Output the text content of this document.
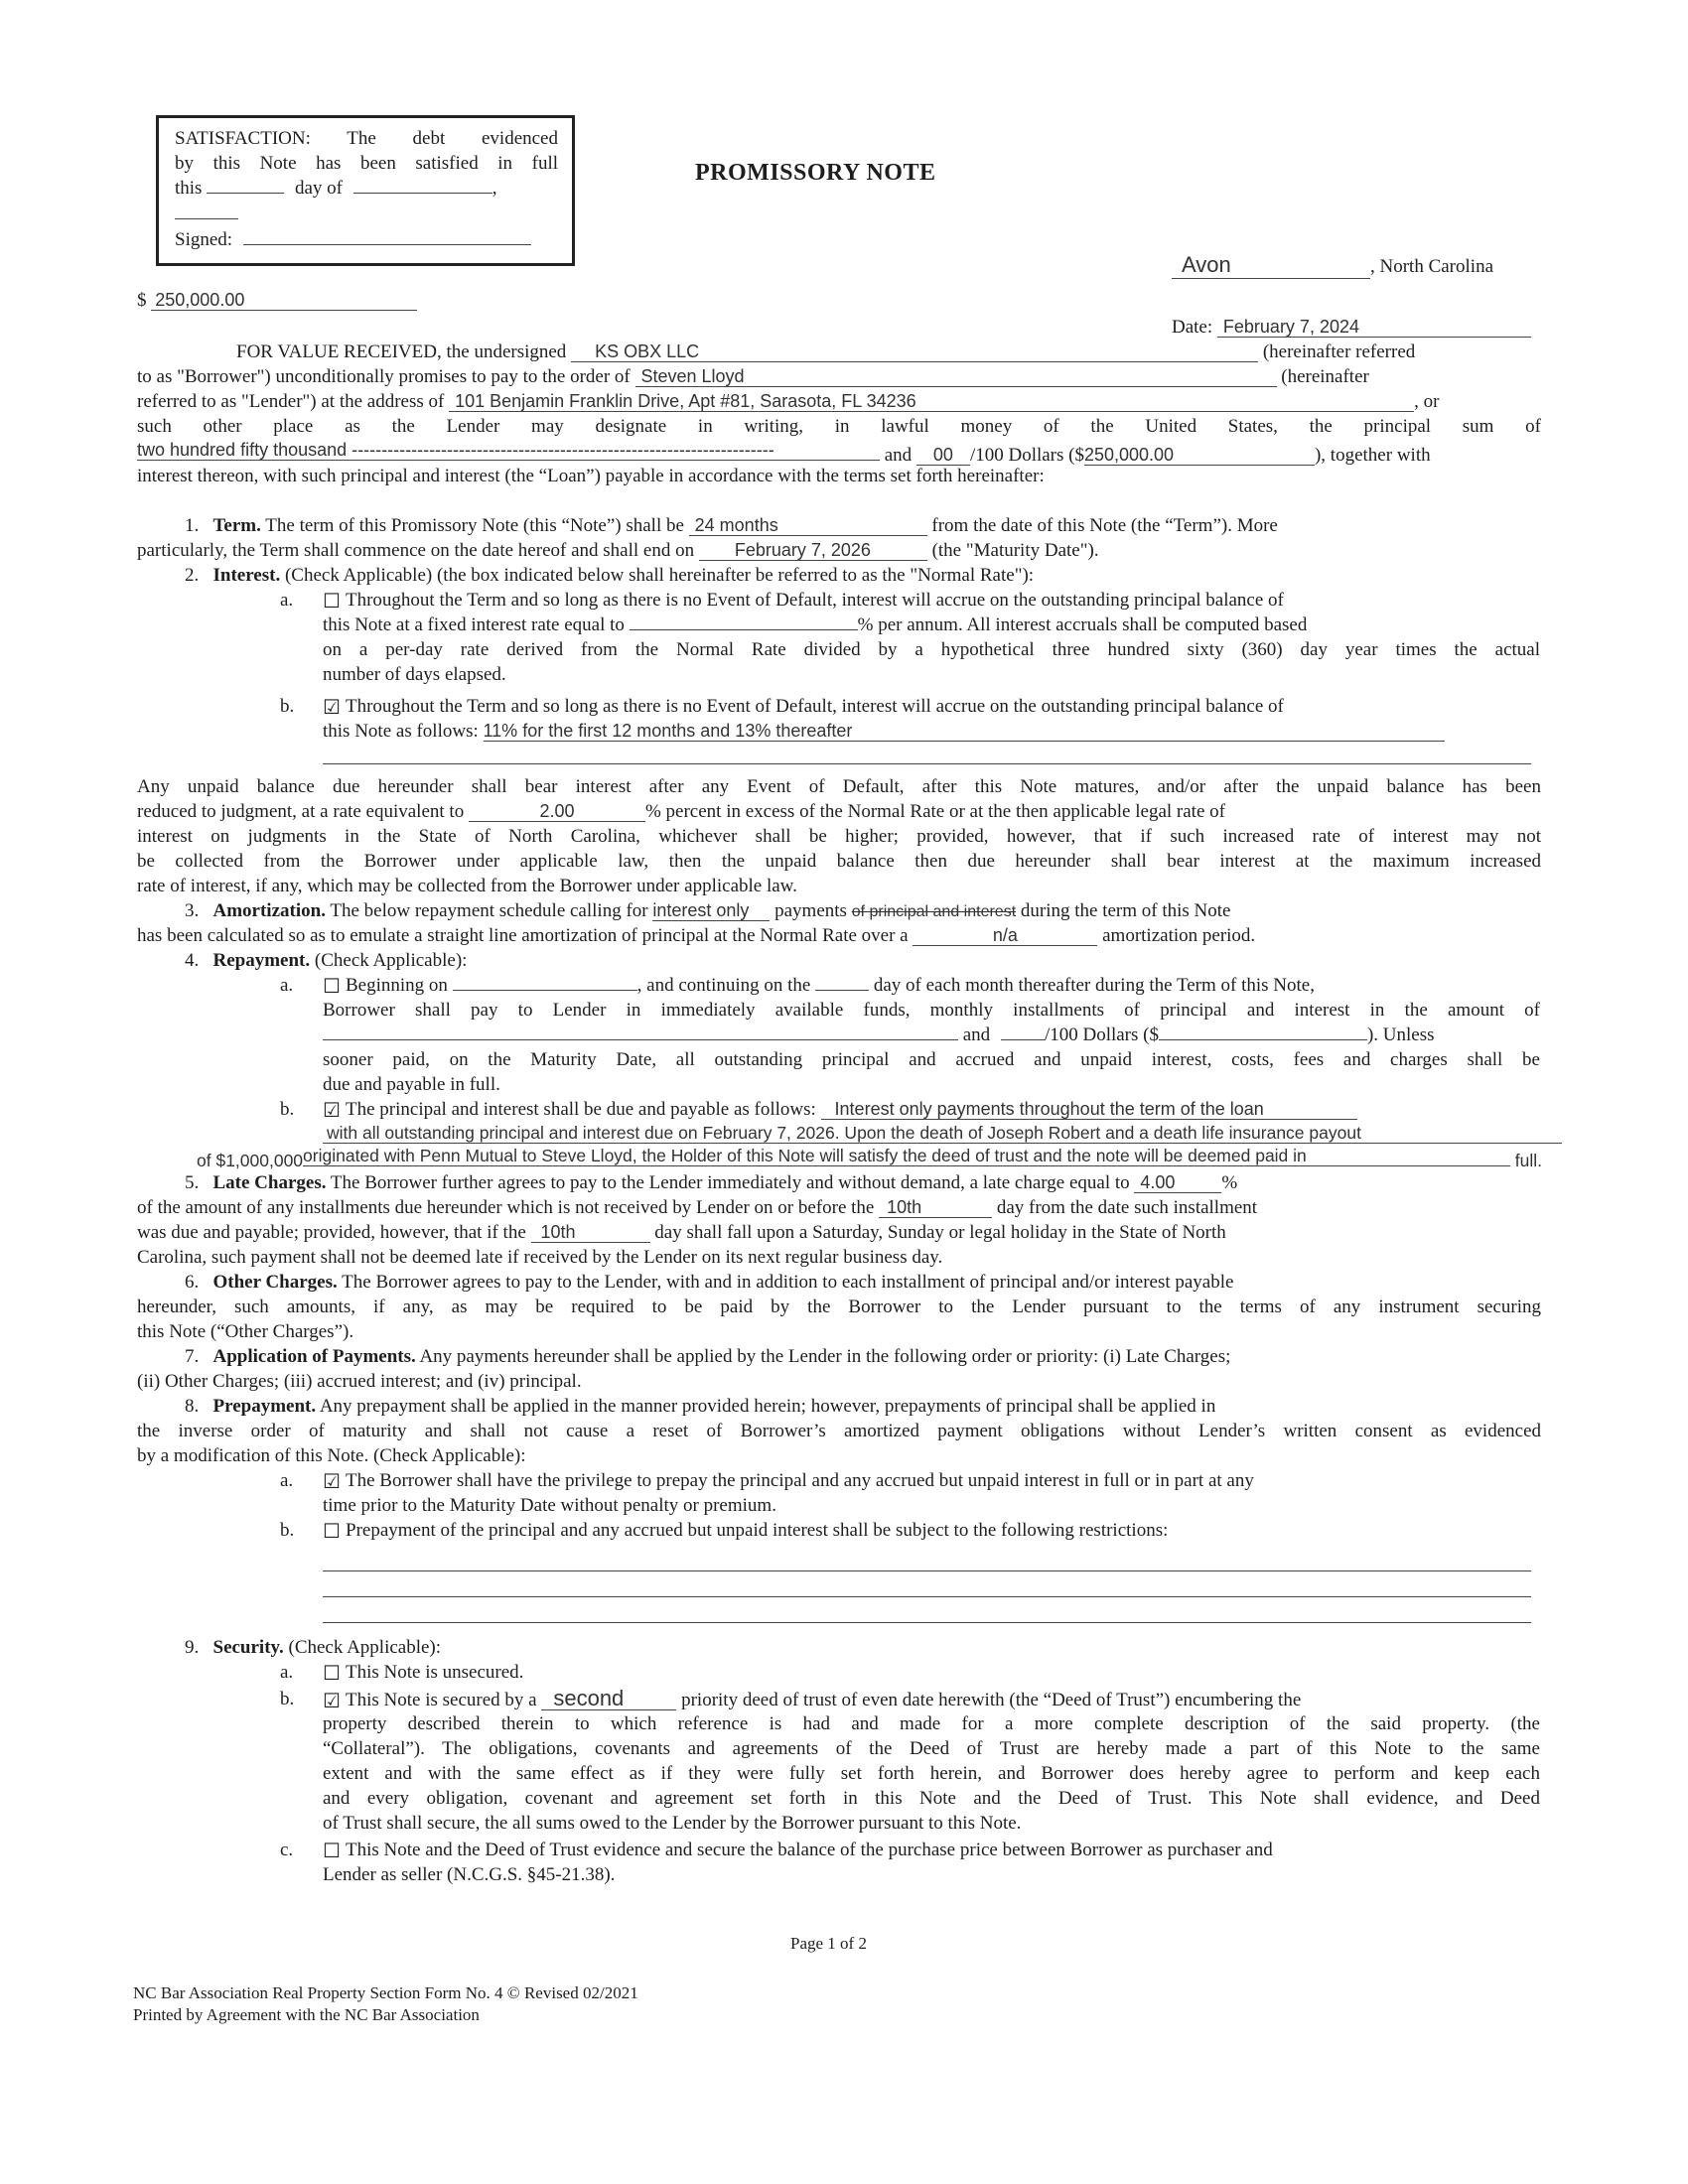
SATISFACTION: The debt evidenced
by this Note has been satisfied in full
this	day of	,
Signed:
PROMISSORY NOTE
Avon	, North Carolina
$ 250,000.00
Date: February 7, 2024
FOR VALUE RECEIVED, the undersigned KS OBX LLC	(hereinafter referred
to as "Borrower") unconditionally promises to pay to the order of Steven Lloyd	(hereinafter
referred to as "Lender") at the address of 101 Benjamin Franklin Drive, Apt #81, Sarasota, FL 34236	, or
such other place as the Lender may designate in writing, in lawful money of the United States, the principal sum of
two hundred fifty thousand -----------------------------------------------------------------------	and 00 /100 Dollars ($250,000.00	), together with
interest thereon, with such principal and interest (the “Loan”) payable in accordance with the terms set forth hereinafter:
1. Term. The term of this Promissory Note (this “Note”) shall be 24 months	from the date of this Note (the “Term”). More
particularly, the Term shall commence on the date hereof and shall end on February 7, 2026	(the "Maturity Date").
2. Interest. (Check Applicable) (the box indicated below shall hereinafter be referred to as the "Normal Rate"):
a. ☐ Throughout the Term and so long as there is no Event of Default, interest will accrue on the outstanding principal balance of
this Note at a fixed interest rate equal to	% per annum. All interest accruals shall be computed based
on a per-day rate derived from the Normal Rate divided by a hypothetical three hundred sixty (360) day year times the actual
number of days elapsed.
b. ☑ Throughout the Term and so long as there is no Event of Default, interest will accrue on the outstanding principal balance of
this Note as follows: 11% for the first 12 months and 13% thereafter
Any unpaid balance due hereunder shall bear interest after any Event of Default, after this Note matures, and/or after the unpaid balance has been
reduced to judgment, at a rate equivalent to	2.00	% percent in excess of the Normal Rate or at the then applicable legal rate of
interest on judgments in the State of North Carolina, whichever shall be higher; provided, however, that if such increased rate of interest may not
be collected from the Borrower under applicable law, then the unpaid balance then due hereunder shall bear interest at the maximum increased
rate of interest, if any, which may be collected from the Borrower under applicable law.
3. Amortization. The below repayment schedule calling for interest only payments of principal and interest during the term of this Note
has been calculated so as to emulate a straight line amortization of principal at the Normal Rate over a	n/a	amortization period.
4. Repayment. (Check Applicable):
a. ☐ Beginning on	, and continuing on the	day of each month thereafter during the Term of this Note,
Borrower shall pay to Lender in immediately available funds, monthly installments of principal and interest in the amount of
and	/100 Dollars ($	). Unless
sooner paid, on the Maturity Date, all outstanding principal and accrued and unpaid interest, costs, fees and charges shall be
due and payable in full.
b. ☑ The principal and interest shall be due and payable as follows: Interest only payments throughout the term of the loan
with all outstanding principal and interest due on February 7, 2026. Upon the death of Joseph Robert and a death life insurance payout
of $1,000,000originated with Penn Mutual to Steve Lloyd, the Holder of this Note will satisfy the deed of trust and the note will be deemed paid in	full.
5. Late Charges. The Borrower further agrees to pay to the Lender immediately and without demand, a late charge equal to 4.00 %
of the amount of any installments due hereunder which is not received by Lender on or before the 10th	day from the date such installment
was due and payable; provided, however, that if the 10th	day shall fall upon a Saturday, Sunday or legal holiday in the State of North
Carolina, such payment shall not be deemed late if received by the Lender on its next regular business day.
6. Other Charges. The Borrower agrees to pay to the Lender, with and in addition to each installment of principal and/or interest payable
hereunder, such amounts, if any, as may be required to be paid by the Borrower to the Lender pursuant to the terms of any instrument securing
this Note (“Other Charges”).
7. Application of Payments. Any payments hereunder shall be applied by the Lender in the following order or priority: (i) Late Charges;
(ii) Other Charges; (iii) accrued interest; and (iv) principal.
8. Prepayment. Any prepayment shall be applied in the manner provided herein; however, prepayments of principal shall be applied in
the inverse order of maturity and shall not cause a reset of Borrower’s amortized payment obligations without Lender’s written consent as evidenced
by a modification of this Note. (Check Applicable):
a. ☑ The Borrower shall have the privilege to prepay the principal and any accrued but unpaid interest in full or in part at any
time prior to the Maturity Date without penalty or premium.
b. ☐ Prepayment of the principal and any accrued but unpaid interest shall be subject to the following restrictions:
9. Security. (Check Applicable):
a. ☐ This Note is unsecured.
b. ☑ This Note is secured by a second	priority deed of trust of even date herewith (the “Deed of Trust”) encumbering the
property described therein to which reference is had and made for a more complete description of the said property. (the
“Collateral”). The obligations, covenants and agreements of the Deed of Trust are hereby made a part of this Note to the same
extent and with the same effect as if they were fully set forth herein, and Borrower does hereby agree to perform and keep each
and every obligation, covenant and agreement set forth in this Note and the Deed of Trust. This Note shall evidence, and Deed
of Trust shall secure, the all sums owed to the Lender by the Borrower pursuant to this Note.
c. ☐ This Note and the Deed of Trust evidence and secure the balance of the purchase price between Borrower as purchaser and
Lender as seller (N.C.G.S. §45-21.38).
Page 1 of 2
NC Bar Association Real Property Section Form No. 4 © Revised 02/2021
Printed by Agreement with the NC Bar Association
